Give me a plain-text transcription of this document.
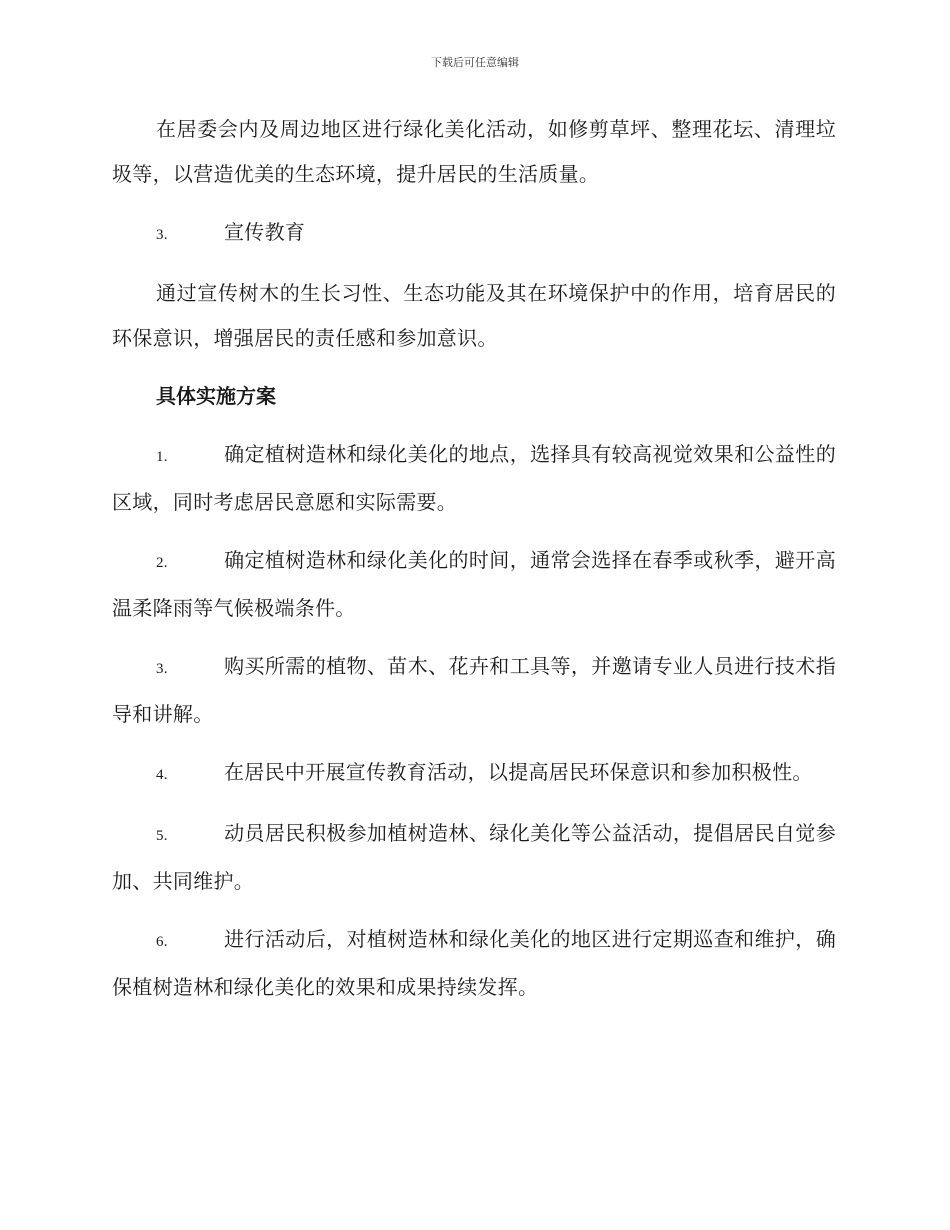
下载后可任意编辑

在居委会内及周边地区进行绿化美化活动，如修剪草坪、整理花坛、清理垃圾等，以营造优美的生态环境，提升居民的生活质量。

3.	宣传教育

通过宣传树木的生长习性、生态功能及其在环境保护中的作用，培育居民的环保意识，增强居民的责任感和参加意识。

具体实施方案

1.	确定植树造林和绿化美化的地点，选择具有较高视觉效果和公益性的区域，同时考虑居民意愿和实际需要。

2.	确定植树造林和绿化美化的时间，通常会选择在春季或秋季，避开高温柔降雨等气候极端条件。

3.	购买所需的植物、苗木、花卉和工具等，并邀请专业人员进行技术指导和讲解。

4.	在居民中开展宣传教育活动，以提高居民环保意识和参加积极性。

5.	动员居民积极参加植树造林、绿化美化等公益活动，提倡居民自觉参加、共同维护。

6.	进行活动后，对植树造林和绿化美化的地区进行定期巡查和维护，确保植树造林和绿化美化的效果和成果持续发挥。
